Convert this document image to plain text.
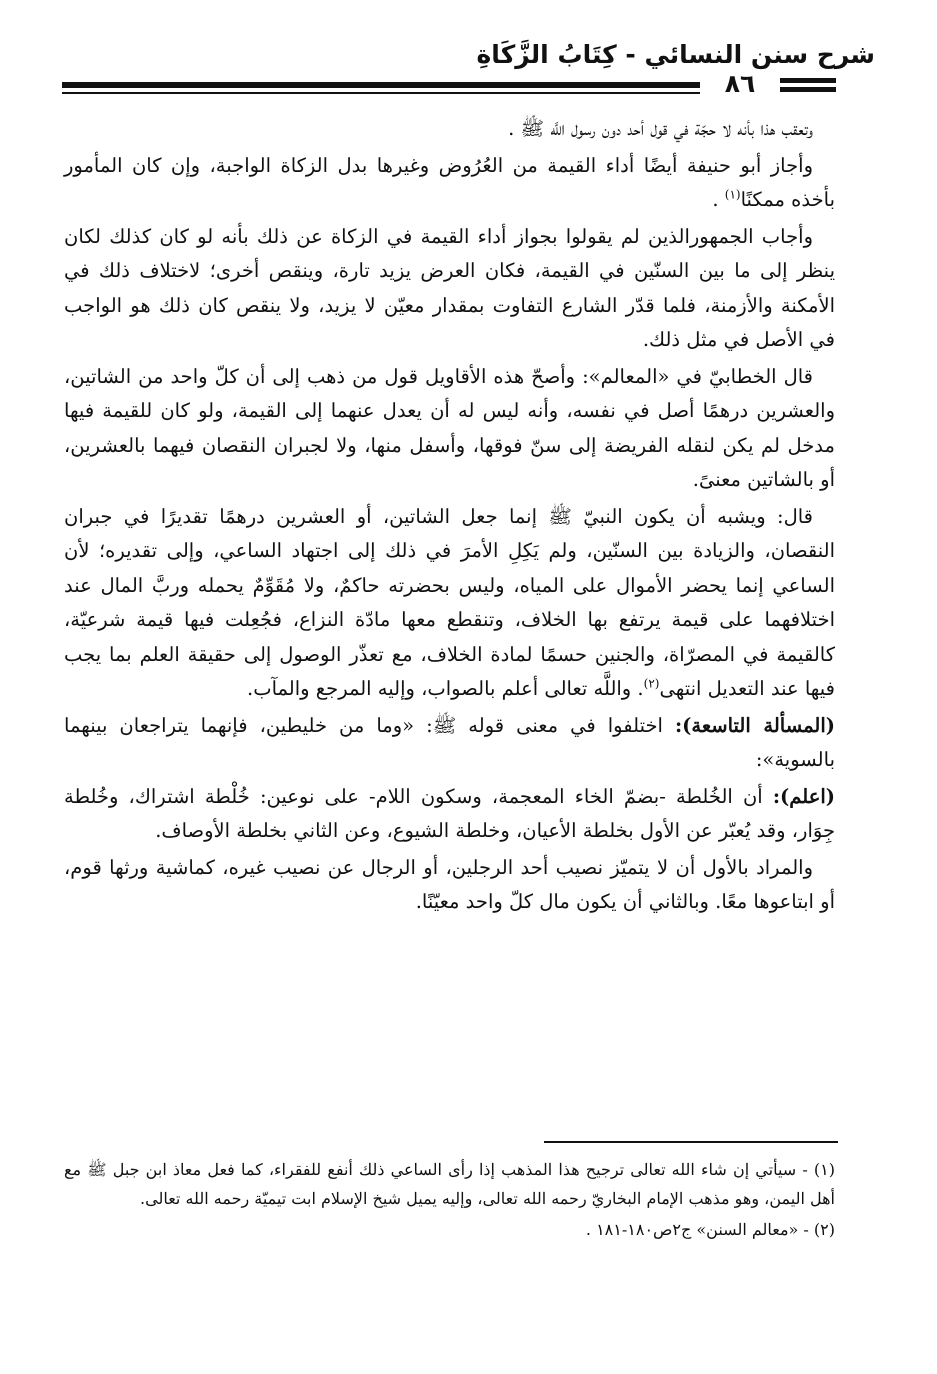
شرح سنن النسائي - كِتَابُ الزَّكَاةِ
٨٦

وتعقب هذا بأنه لا حجّة في قول أحد دون رسول اللَّه ﷺ .

وأجاز أبو حنيفة أيضًا أداء القيمة من العُرُوض وغيرها بدل الزكاة الواجبة، وإن كان المأمور بأخذه ممكنًا$^{(١)}$ .

وأجاب الجمهورالذين لم يقولوا بجواز أداء القيمة في الزكاة عن ذلك بأنه لو كان كذلك لكان ينظر إلى ما بين السنّين في القيمة، فكان العرض يزيد تارة، وينقص أخرى؛ لاختلاف ذلك في الأمكنة والأزمنة، فلما قدّر الشارع التفاوت بمقدار معيّن لا يزيد، ولا ينقص كان ذلك هو الواجب في الأصل في مثل ذلك.

قال الخطابيّ في «المعالم»: وأصحّ هذه الأقاويل قول من ذهب إلى أن كلّ واحد من الشاتين، والعشرين درهمًا أصل في نفسه، وأنه ليس له أن يعدل عنهما إلى القيمة، ولو كان للقيمة فيها مدخل لم يكن لنقله الفريضة إلى سنّ فوقها، وأسفل منها، ولا لجبران النقصان فيهما بالعشرين، أو بالشاتين معنىً.

قال: ويشبه أن يكون النبيّ ﷺ إنما جعل الشاتين، أو العشرين درهمًا تقديرًا في جبران النقصان، والزيادة بين السنّين، ولم يَكِلِ الأمرَ في ذلك إلى اجتهاد الساعي، وإلى تقديره؛ لأن الساعي إنما يحضر الأموال على المياه، وليس بحضرته حاكمٌ، ولا مُقَوِّمٌ يحمله وربَّ المال عند اختلافهما على قيمة يرتفع بها الخلاف، وتنقطع معها مادّة النزاع، فجُعِلت فيها قيمة شرعيّة، كالقيمة في المصرّاة، والجنين حسمًا لمادة الخلاف، مع تعذّر الوصول إلى حقيقة العلم بما يجب فيها عند التعديل انتهى$^{(٢)}$. واللَّه تعالى أعلم بالصواب، وإليه المرجع والمآب.

(المسألة التاسعة): اختلفوا في معنى قوله ﷺ: «وما من خليطين، فإنهما يتراجعان بينهما بالسوية»:

(اعلم): أن الخُلطة -بضمّ الخاء المعجمة، وسكون اللام- على نوعين: خُلْطة اشتراك، وخُلطة جِوَار، وقد يُعبّر عن الأول بخلطة الأعيان، وخلطة الشيوع، وعن الثاني بخلطة الأوصاف.

والمراد بالأول أن لا يتميّز نصيب أحد الرجلين، أو الرجال عن نصيب غيره، كماشية ورثها قوم، أو ابتاعوها معًا. وبالثاني أن يكون مال كلّ واحد معيّنًا.

(١) - سيأتي إن شاء الله تعالى ترجيح هذا المذهب إذا رأى الساعي ذلك أنفع للفقراء، كما فعل معاذ ابن جبل ﷺ مع أهل اليمن، وهو مذهب الإمام البخاريّ رحمه الله تعالى، وإليه يميل شيخ الإسلام ابت تيميّة رحمه الله تعالى.

(٢) - «معالم السنن» ج٢ص١٨٠-١٨١ .
